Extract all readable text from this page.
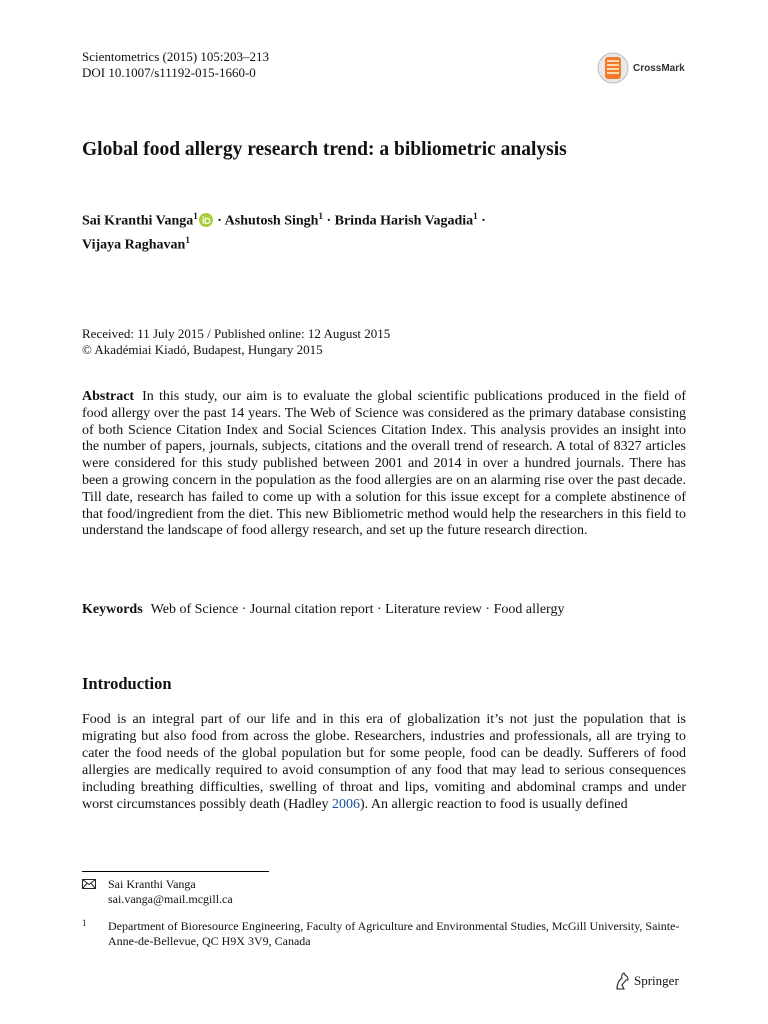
Scientometrics (2015) 105:203–213
DOI 10.1007/s11192-015-1660-0	CrossMark
Global food allergy research trend: a bibliometric analysis
Sai Kranthi Vanga$^1$ · Ashutosh Singh$^1$ · Brinda Harish Vagadia$^1$ ·
Vijaya Raghavan$^1$
Received: 11 July 2015 / Published online: 12 August 2015
© Akadémiai Kiadó, Budapest, Hungary 2015

Abstract In this study, our aim is to evaluate the global scientific publications produced in the field of food allergy over the past 14 years. The Web of Science was considered as the primary database consisting of both Science Citation Index and Social Sciences Citation Index. This analysis provides an insight into the number of papers, journals, subjects, citations and the overall trend of research. A total of 8327 articles were considered for this study published between 2001 and 2014 in over a hundred journals. There has been a growing concern in the population as the food allergies are on an alarming rise over the past decade. Till date, research has failed to come up with a solution for this issue except for a complete abstinence of that food/ingredient from the diet. This new Bibliometric method would help the researchers in this field to understand the landscape of food allergy research, and set up the future research direction.

Keywords Web of Science · Journal citation report · Literature review · Food allergy
Introduction

Food is an integral part of our life and in this era of globalization it’s not just the population that is migrating but also food from across the globe. Researchers, industries and professionals, all are trying to cater the food needs of the global population but for some people, food can be deadly. Sufferers of food allergies are medically required to avoid consumption of any food that may lead to serious consequences including breathing difficulties, swelling of throat and lips, vomiting and abdominal cramps and under worst circumstances possibly death (Hadley 2006). An allergic reaction to food is usually defined

Sai Kranthi Vanga
sai.vanga@mail.mcgill.ca
1 Department of Bioresource Engineering, Faculty of Agriculture and Environmental Studies, McGill University, Sainte-Anne-de-Bellevue, QC H9X 3V9, Canada
Springer
